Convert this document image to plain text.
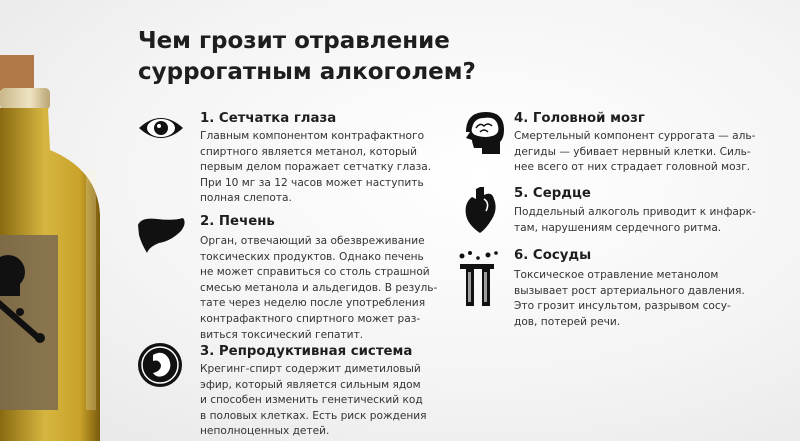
Чем грозит отравление
суррогатным алкоголем?
1. Сетчатка глаза
Главным компонентом контрафактного
спиртного является метанол, который
первым делом поражает сетчатку глаза.
При 10 мг за 12 часов может наступить
полная слепота.
2. Печень
Орган, отвечающий за обезвреживание
токсических продуктов. Однако печень
не может справиться со столь страшной
смесью метанола и альдегидов. В резуль-
тате через неделю после употребления
контрафактного спиртного может раз-
виться токсический гепатит.
3. Репродуктивная система
Крегинг-спирт содержит диметиловый
эфир, который является сильным ядом
и способен изменить генетический код
в половых клетках. Есть риск рождения
неполноценных детей.
4. Головной мозг
Смертельный компонент суррогата — аль-
дегиды — убивает нервный клетки. Силь-
нее всего от них страдает головной мозг.
5. Сердце
Поддельный алкоголь приводит к инфарк-
там, нарушениям сердечного ритма.
6. Сосуды
Токсическое отравление метанолом
вызывает рост артериального давления.
Это грозит инсультом, разрывом сосу-
дов, потерей речи.
